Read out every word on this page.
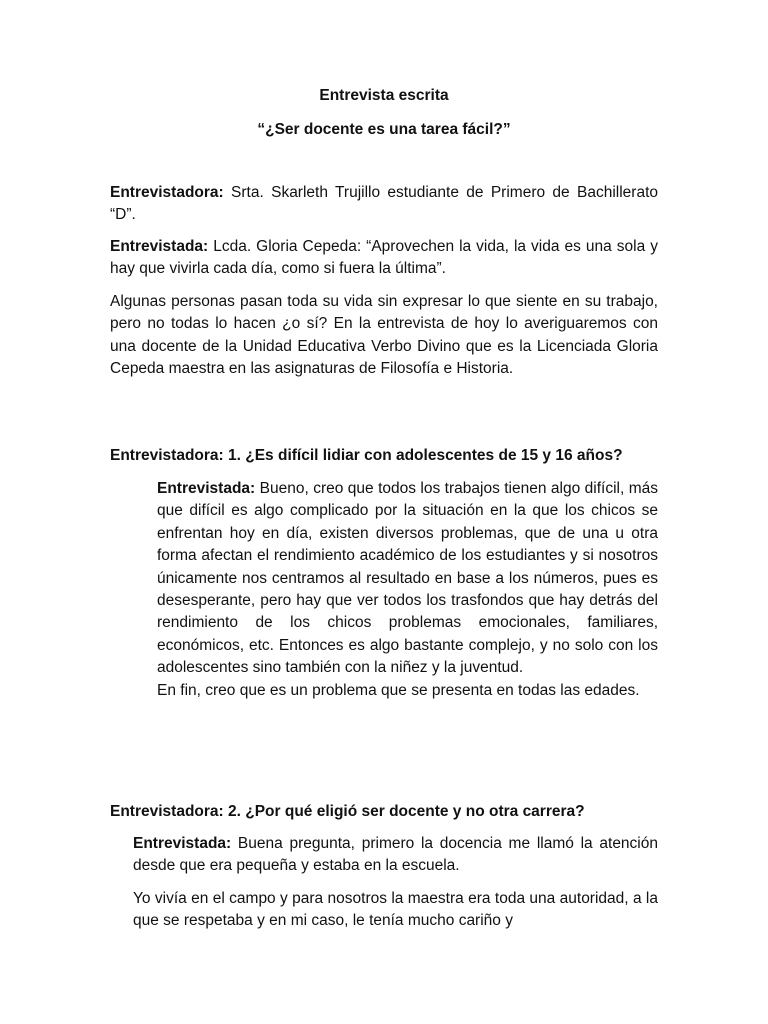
Entrevista escrita
“¿Ser docente es una tarea fácil?”
Entrevistadora: Srta. Skarleth Trujillo estudiante de Primero de Bachillerato “D”.
Entrevistada: Lcda. Gloria Cepeda: “Aprovechen la vida, la vida es una sola y hay que vivirla cada día, como si fuera la última”.
Algunas personas pasan toda su vida sin expresar lo que siente en su trabajo, pero no todas lo hacen ¿o sí? En la entrevista de hoy lo averiguaremos con una docente de la Unidad Educativa Verbo Divino que es la Licenciada Gloria Cepeda maestra en las asignaturas de Filosofía e Historia.
Entrevistadora: 1. ¿Es difícil lidiar con adolescentes de 15 y 16 años?
Entrevistada: Bueno, creo que todos los trabajos tienen algo difícil, más que difícil es algo complicado por la situación en la que los chicos se enfrentan hoy en día, existen diversos problemas, que de una u otra forma afectan el rendimiento académico de los estudiantes y si nosotros únicamente nos centramos al resultado en base a los números, pues es desesperante, pero hay que ver todos los trasfondos que hay detrás del rendimiento de los chicos problemas emocionales, familiares, económicos, etc. Entonces es algo bastante complejo, y no solo con los adolescentes sino también con la niñez y la juventud.
En fin, creo que es un problema que se presenta en todas las edades.
Entrevistadora: 2. ¿Por qué eligió ser docente y no otra carrera?
Entrevistada: Buena pregunta, primero la docencia me llamó la atención desde que era pequeña y estaba en la escuela.
Yo vivía en el campo y para nosotros la maestra era toda una autoridad, a la que se respetaba y en mi caso, le tenía mucho cariño y
